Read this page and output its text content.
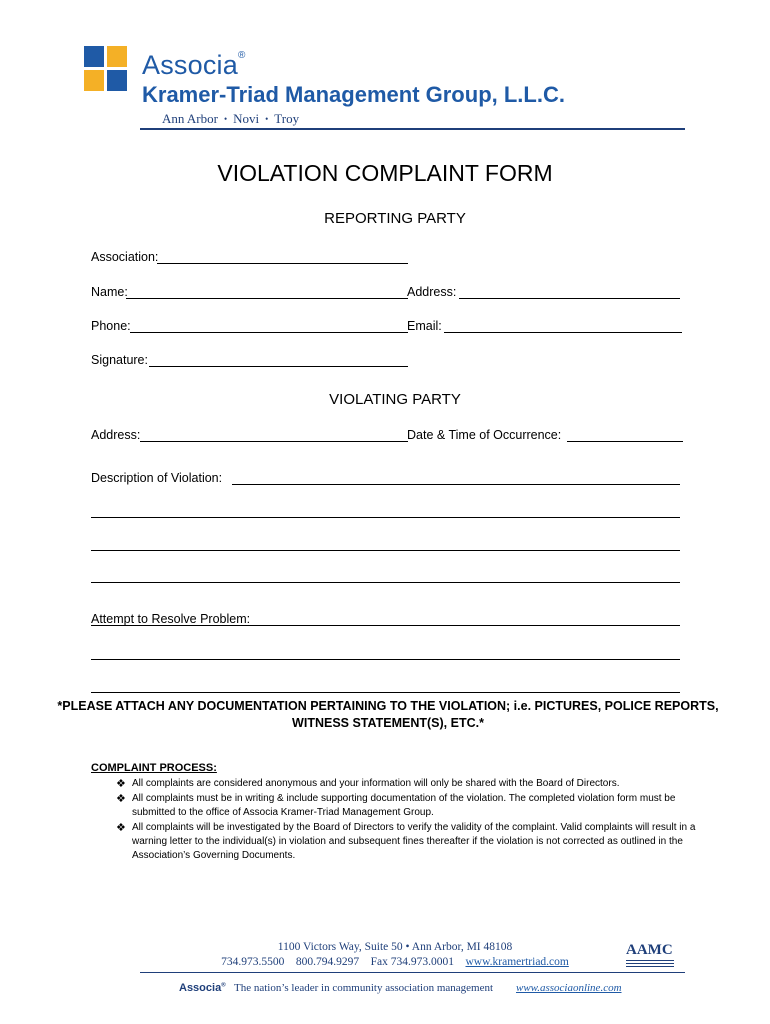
Associa®
Kramer-Triad Management Group, L.L.C.
Ann Arbor • Novi • Troy
VIOLATION COMPLAINT FORM
REPORTING PARTY
Association:
Name:	Address:
Phone:	Email:
Signature:
VIOLATING PARTY
Address:	Date & Time of Occurrence:
Description of Violation:
Attempt to Resolve Problem:
*PLEASE ATTACH ANY DOCUMENTATION PERTAINING TO THE VIOLATION; i.e. PICTURES, POLICE REPORTS,
WITNESS STATEMENT(S), ETC.*
COMPLAINT PROCESS:
❖ All complaints are considered anonymous and your information will only be shared with the Board of Directors.
❖ All complaints must be in writing & include supporting documentation of the violation. The completed violation form must be submitted to the office of Associa Kramer-Triad Management Group.
❖ All complaints will be investigated by the Board of Directors to verify the validity of the complaint. Valid complaints will result in a warning letter to the individual(s) in violation and subsequent fines thereafter if the violation is not corrected as outlined in the Association’s Governing Documents.
1100 Victors Way, Suite 50 • Ann Arbor, MI 48108
734.973.5500 800.794.9297 Fax 734.973.0001 www.kramertriad.com
AAMC
Associa® The nation’s leader in community association management www.associaonline.com
